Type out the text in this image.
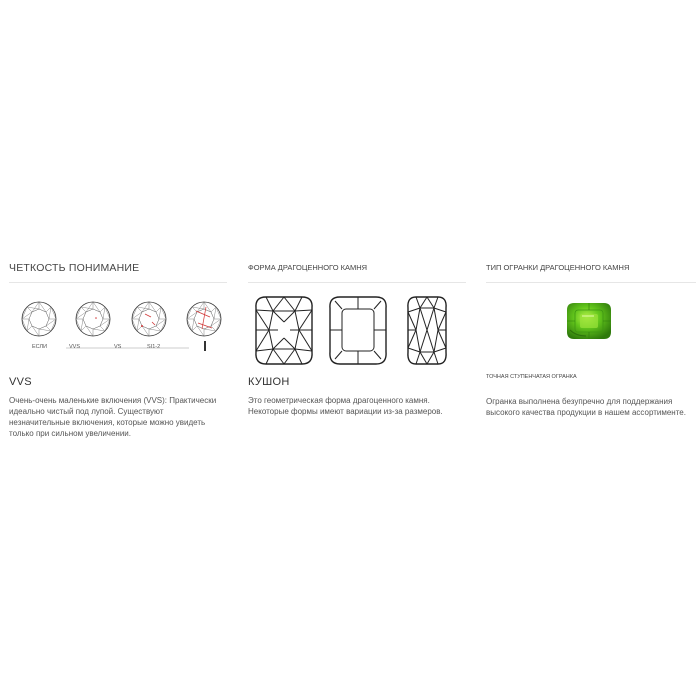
ЧЕТКОСТЬ ПОНИМАНИЕ
ЕСЛИ	VVS	VS	SI1-2
VVS
Очень-очень маленькие включения (VVS): Практически идеально чистый под лупой. Существуют незначительные включения, которые можно увидеть только при сильном увеличении.
ФОРМА ДРАГОЦЕННОГО КАМНЯ
КУШОН
Это геометрическая форма драгоценного камня. Некоторые формы имеют вариации из-за размеров.
ТИП ОГРАНКИ ДРАГОЦЕННОГО КАМНЯ
ТОЧНАЯ СТУПЕНЧАТАЯ ОГРАНКА
Огранка выполнена безупречно для поддержания высокого качества продукции в нашем ассортименте.
